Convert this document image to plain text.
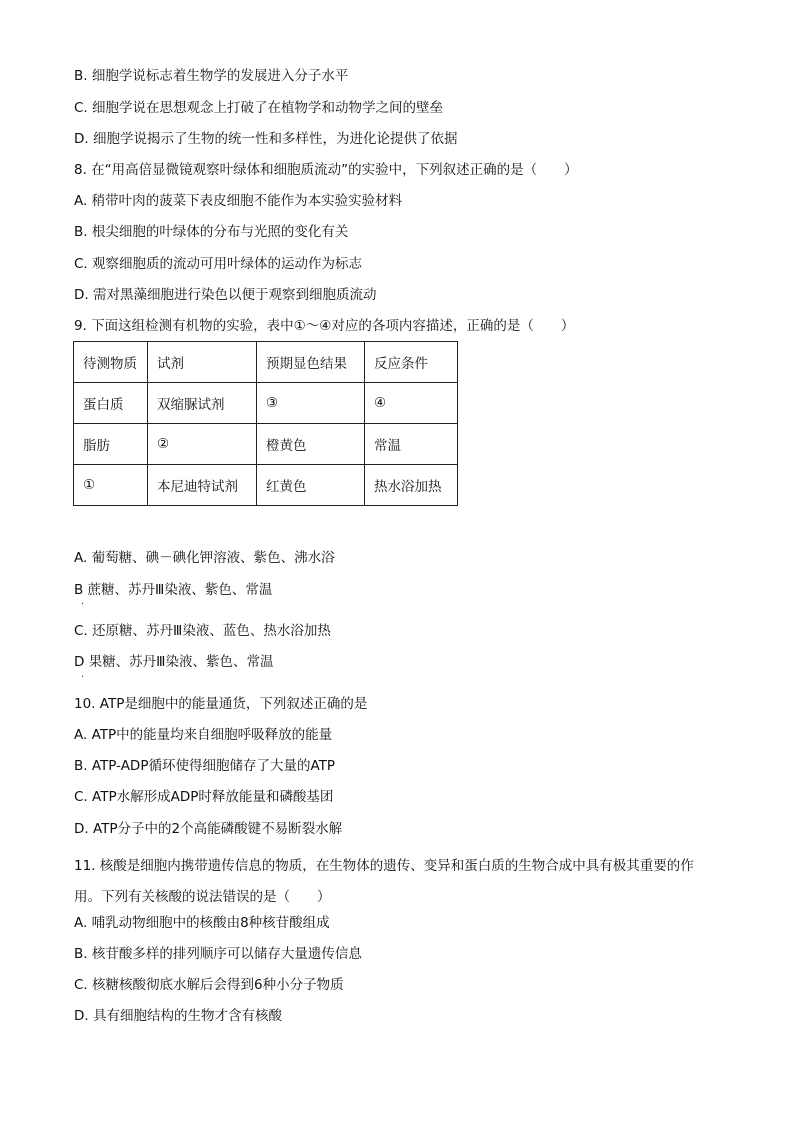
B. 细胞学说标志着生物学的发展进入分子水平
C. 细胞学说在思想观念上打破了在植物学和动物学之间的壁垒
D. 细胞学说揭示了生物的统一性和多样性，为进化论提供了依据
8. 在“用高倍显微镜观察叶绿体和细胞质流动”的实验中，下列叙述正确的是（　　）
A. 稍带叶肉的菠菜下表皮细胞不能作为本实验实验材料
B. 根尖细胞的叶绿体的分布与光照的变化有关
C. 观察细胞质的流动可用叶绿体的运动作为标志
D. 需对黑藻细胞进行染色以便于观察到细胞质流动
9. 下面这组检测有机物的实验，表中①～④对应的各项内容描述，正确的是（　　）
待测物质	试剂	预期显色结果	反应条件
蛋白质	双缩脲试剂	③	④
脂肪	②	橙黄色	常温
①	本尼迪特试剂	红黄色	热水浴加热
A. 葡萄糖、碘－碘化钾溶液、紫色、沸水浴
B 蔗糖、苏丹Ⅲ染液、紫色、常温
.
C. 还原糖、苏丹Ⅲ染液、蓝色、热水浴加热
D 果糖、苏丹Ⅲ染液、紫色、常温
.
10. ATP是细胞中的能量通货，下列叙述正确的是
A. ATP中的能量均来自细胞呼吸释放的能量
B. ATP-ADP循环使得细胞储存了大量的ATP
C. ATP水解形成ADP时释放能量和磷酸基团
D. ATP分子中的2个高能磷酸键不易断裂水解
11. 核酸是细胞内携带遗传信息的物质，在生物体的遗传、变异和蛋白质的生物合成中具有极其重要的作用。下列有关核酸的说法错误的是（　　）
A. 哺乳动物细胞中的核酸由8种核苷酸组成
B. 核苷酸多样的排列顺序可以储存大量遗传信息
C. 核糖核酸彻底水解后会得到6种小分子物质
D. 具有细胞结构的生物才含有核酸
